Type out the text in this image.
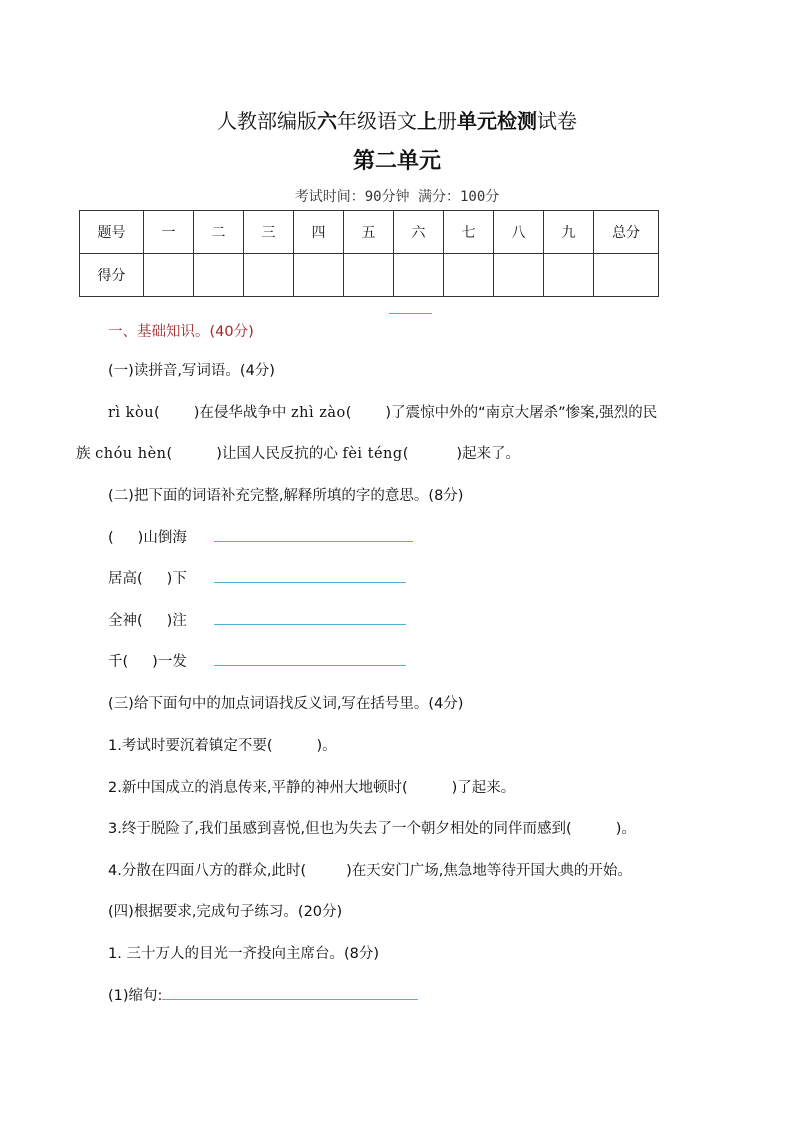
人教部编版六年级语文上册单元检测试卷
第二单元
考试时间：90分钟 满分：100分
题号	一	二	三	四	五	六	七	八	九	总分
得分										
一、基础知识。(40分)
(一)读拼音,写词语。(4分)
rì kòu( )在侵华战争中 zhì zào( )了震惊中外的“南京大屠杀”惨案,强烈的民
族 chóu hèn(	)让国人民反抗的心 fèi téng(	)起来了。
(二)把下面的词语补充完整,解释所填的字的意思。(8分)
( )山倒海
居高( )下
全神( )注
千( )一发
(三)给下面句中的加点词语找反义词,写在括号里。(4分)
1.考试时要沉着镇定不要(	)。
2.新中国成立的消息传来,平静的神州大地顿时(	)了起来。
3.终于脱险了,我们虽感到喜悦,但也为失去了一个朝夕相处的同伴而感到(	)。
4.分散在四面八方的群众,此时(	)在天安门广场,焦急地等待开国大典的开始。
(四)根据要求,完成句子练习。(20分)
1. 三十万人的目光一齐投向主席台。(8分)
(1)缩句:
